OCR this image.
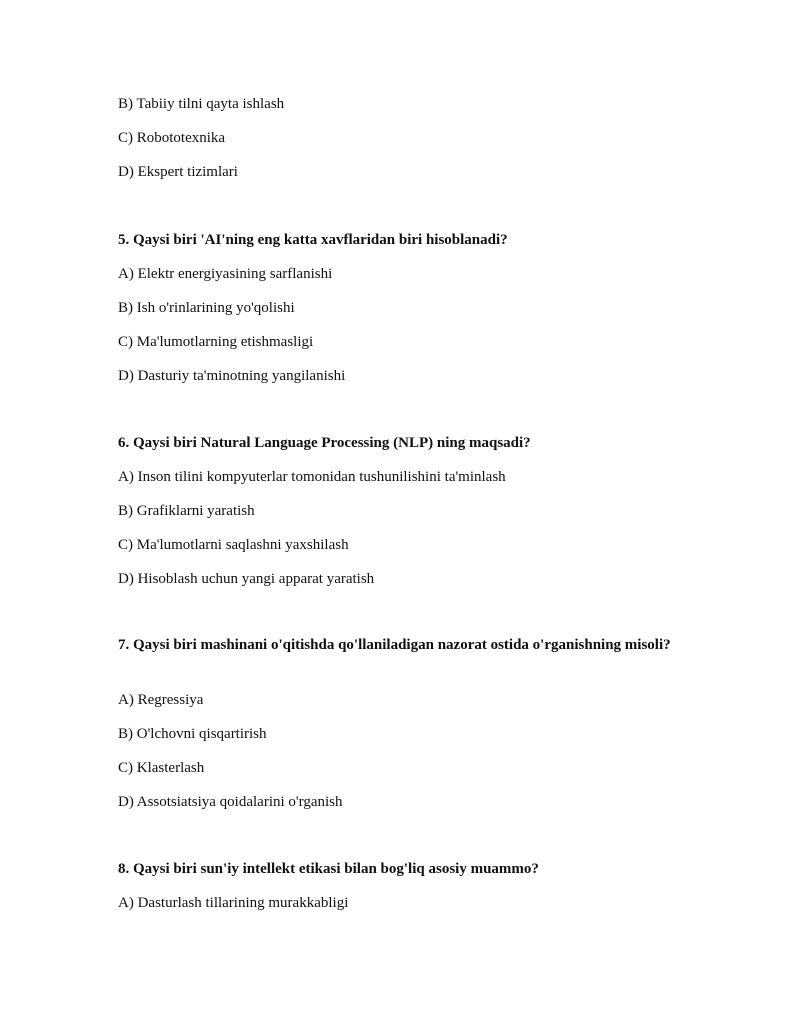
B) Tabiiy tilni qayta ishlash
C) Robototexnika
D) Ekspert tizimlari
5. Qaysi biri 'AI'ning eng katta xavflaridan biri hisoblanadi?
A) Elektr energiyasining sarflanishi
B) Ish o'rinlarining yo'qolishi
C) Ma'lumotlarning etishmasligi
D) Dasturiy ta'minotning yangilanishi
6. Qaysi biri Natural Language Processing (NLP) ning maqsadi?
A) Inson tilini kompyuterlar tomonidan tushunilishini ta'minlash
B) Grafiklarni yaratish
C) Ma'lumotlarni saqlashni yaxshilash
D) Hisoblash uchun yangi apparat yaratish
7. Qaysi biri mashinani o'qitishda qo'llaniladigan nazorat ostida o'rganishning misoli?
A) Regressiya
B) O'lchovni qisqartirish
C) Klasterlash
D) Assotsiatsiya qoidalarini o'rganish
8. Qaysi biri sun'iy intellekt etikasi bilan bog'liq asosiy muammo?
A) Dasturlash tillarining murakkabligi
